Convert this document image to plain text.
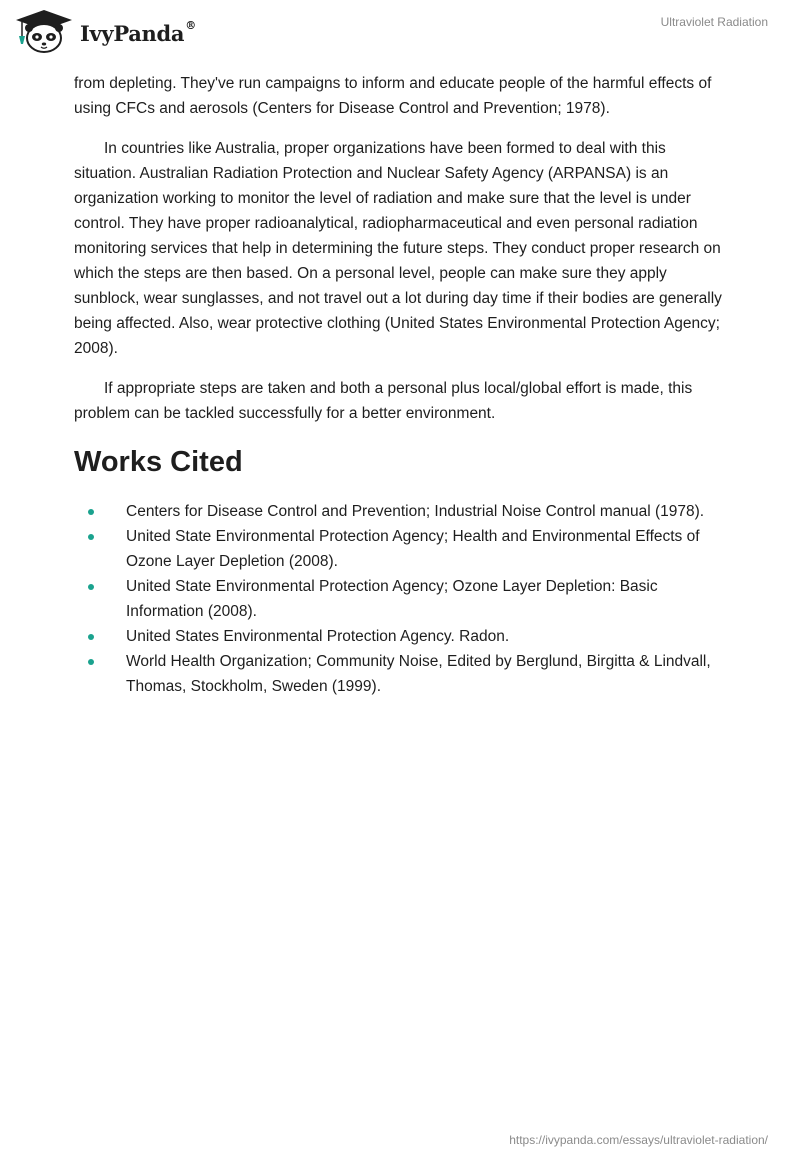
IvyPanda®	Ultraviolet Radiation

from depleting. They've run campaigns to inform and educate people of the harmful effects of using CFCs and aerosols (Centers for Disease Control and Prevention; 1978).

In countries like Australia, proper organizations have been formed to deal with this situation. Australian Radiation Protection and Nuclear Safety Agency (ARPANSA) is an organization working to monitor the level of radiation and make sure that the level is under control. They have proper radioanalytical, radiopharmaceutical and even personal radiation monitoring services that help in determining the future steps. They conduct proper research on which the steps are then based. On a personal level, people can make sure they apply sunblock, wear sunglasses, and not travel out a lot during day time if their bodies are generally being affected. Also, wear protective clothing (United States Environmental Protection Agency; 2008).

If appropriate steps are taken and both a personal plus local/global effort is made, this problem can be tackled successfully for a better environment.

Works Cited
Centers for Disease Control and Prevention; Industrial Noise Control manual (1978).
United State Environmental Protection Agency; Health and Environmental Effects of Ozone Layer Depletion (2008).
United State Environmental Protection Agency; Ozone Layer Depletion: Basic Information (2008).
United States Environmental Protection Agency. Radon.
World Health Organization; Community Noise, Edited by Berglund, Birgitta & Lindvall, Thomas, Stockholm, Sweden (1999).
https://ivypanda.com/essays/ultraviolet-radiation/
